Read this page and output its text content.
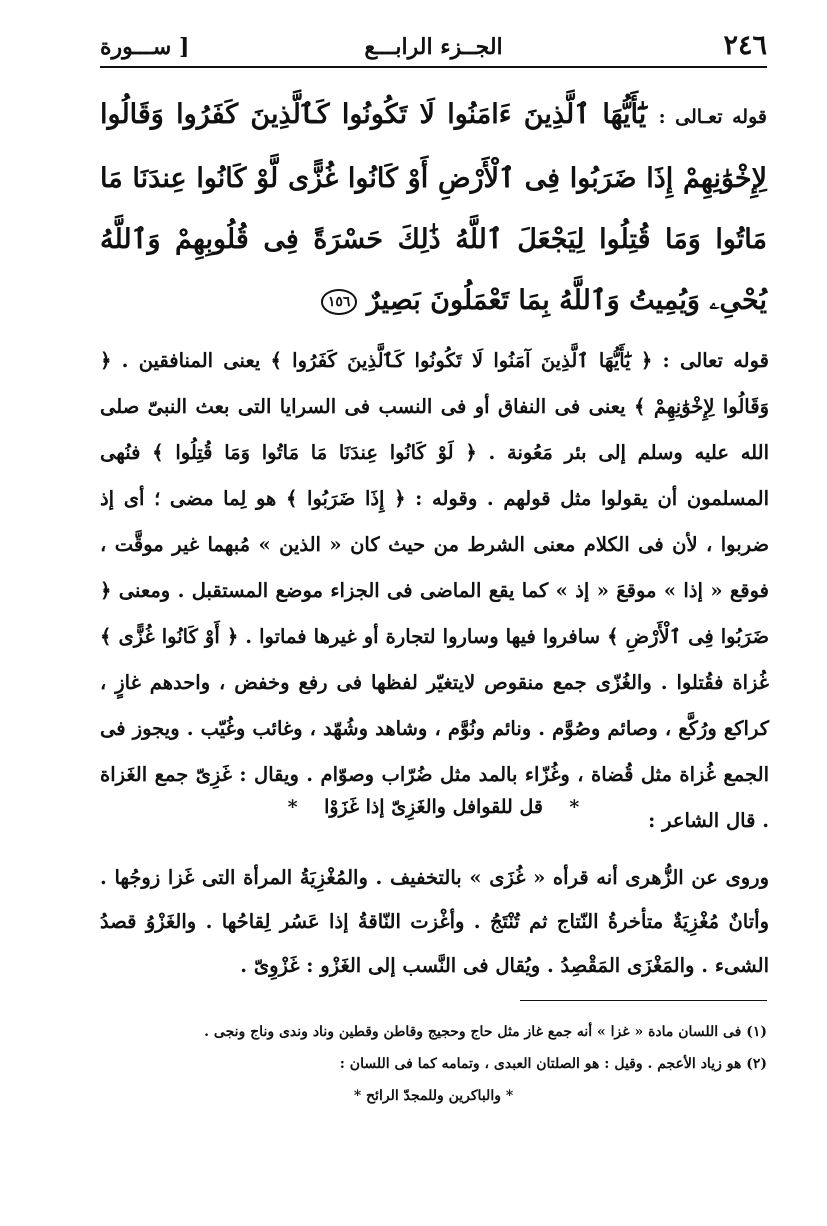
٢٤٦
الجــزء الرابـــع
[ ســـورة
قوله تعـالى : يَٰٓأَيُّهَا ٱلَّذِينَ ءَامَنُوا لَا تَكُونُوا كَٱلَّذِينَ كَفَرُوا وَقَالُوا لِإِخْوَٰنِهِمْ إِذَا ضَرَبُوا فِى ٱلْأَرْضِ أَوْ كَانُوا غُزًّى لَّوْ كَانُوا عِندَنَا مَا مَاتُوا وَمَا قُتِلُوا لِيَجْعَلَ ٱللَّهُ ذَٰلِكَ حَسْرَةً فِى قُلُوبِهِمْ وَٱللَّهُ يُحْىِۦ وَيُمِيتُ وَٱللَّهُ بِمَا تَعْمَلُونَ بَصِيرٌ ١٥٦
قوله تعالى : ﴿ يَٰٓأَيُّهَا ٱلَّذِينَ آمَنُوا لَا تَكُونُوا كَٱلَّذِينَ كَفَرُوا ﴾ يعنى المنافقين . ﴿ وَقَالُوا لِإِخْوَٰنِهِمْ ﴾ يعنى فى النفاق أو فى النسب فى السرايا التى بعث النبىّ صلى الله عليه وسلم إلى بئر مَعُونة . ﴿ لَوْ كَانُوا عِندَنَا مَا مَاتُوا وَمَا قُتِلُوا ﴾ فنُهى المسلمون أن يقولوا مثل قولهم . وقوله : ﴿ إِذَا ضَرَبُوا ﴾ هو لِما مضى ؛ أى إذ ضربوا ، لأن فى الكلام معنى الشرط من حيث كان « الذين » مُبهما غير موقَّت ، فوقع « إذا » موقعَ « إذ » كما يقع الماضى فى الجزاء موضع المستقبل . ومعنى ﴿ ضَرَبُوا فِى ٱلْأَرْضِ ﴾ سافروا فيها وساروا لتجارة أو غيرها فماتوا . ﴿ أَوْ كَانُوا غُزًّى ﴾ غُزاة فقُتلوا . والغُزّى جمع منقوص لايتغيّر لفظها فى رفع وخفض ، واحدهم غازٍ ، كراكع ورُكَّع ، وصائم وصُوَّم . ونائم ونُوَّم ، وشاهد وشُهّد ، وغائب وغُيّب . ويجوز فى الجمع غُزاة مثل قُضاة ، وغُزّاء بالمد مثل ضُرّاب وصوّام . ويقال : غَزِىّ جمع الغَزاة . قال الشاعر :
*    قل للقوافل والغَزِىّ إذا غَزَوْا    *
وروى عن الزُّهرى أنه قرأه « غُزَى » بالتخفيف . والمُغْزِيَةُ المرأة التى غَزا زوجُها . وأتانٌ مُغْزِيَةٌ متأخرةُ النّتاج ثم تُنْتَجُ . وأغْزت النّاقةُ إذا عَسُر لِقاحُها . والغَزْوُ قصدُ الشىء . والمَغْزَى المَقْصِدُ . ويُقال فى النَّسب إلى الغَزْو : غَزْوِىّ .
(١) فى اللسان مادة « غزا » أنه جمع غاز مثل حاج وحجيج وقاطن وقطين وناد وندى وناج ونجى .
(٢) هو زياد الأعجم . وقيل : هو الصلتان العبدى ، وتمامه كما فى اللسان :
* والباكرين وللمجدّ الرائح *
